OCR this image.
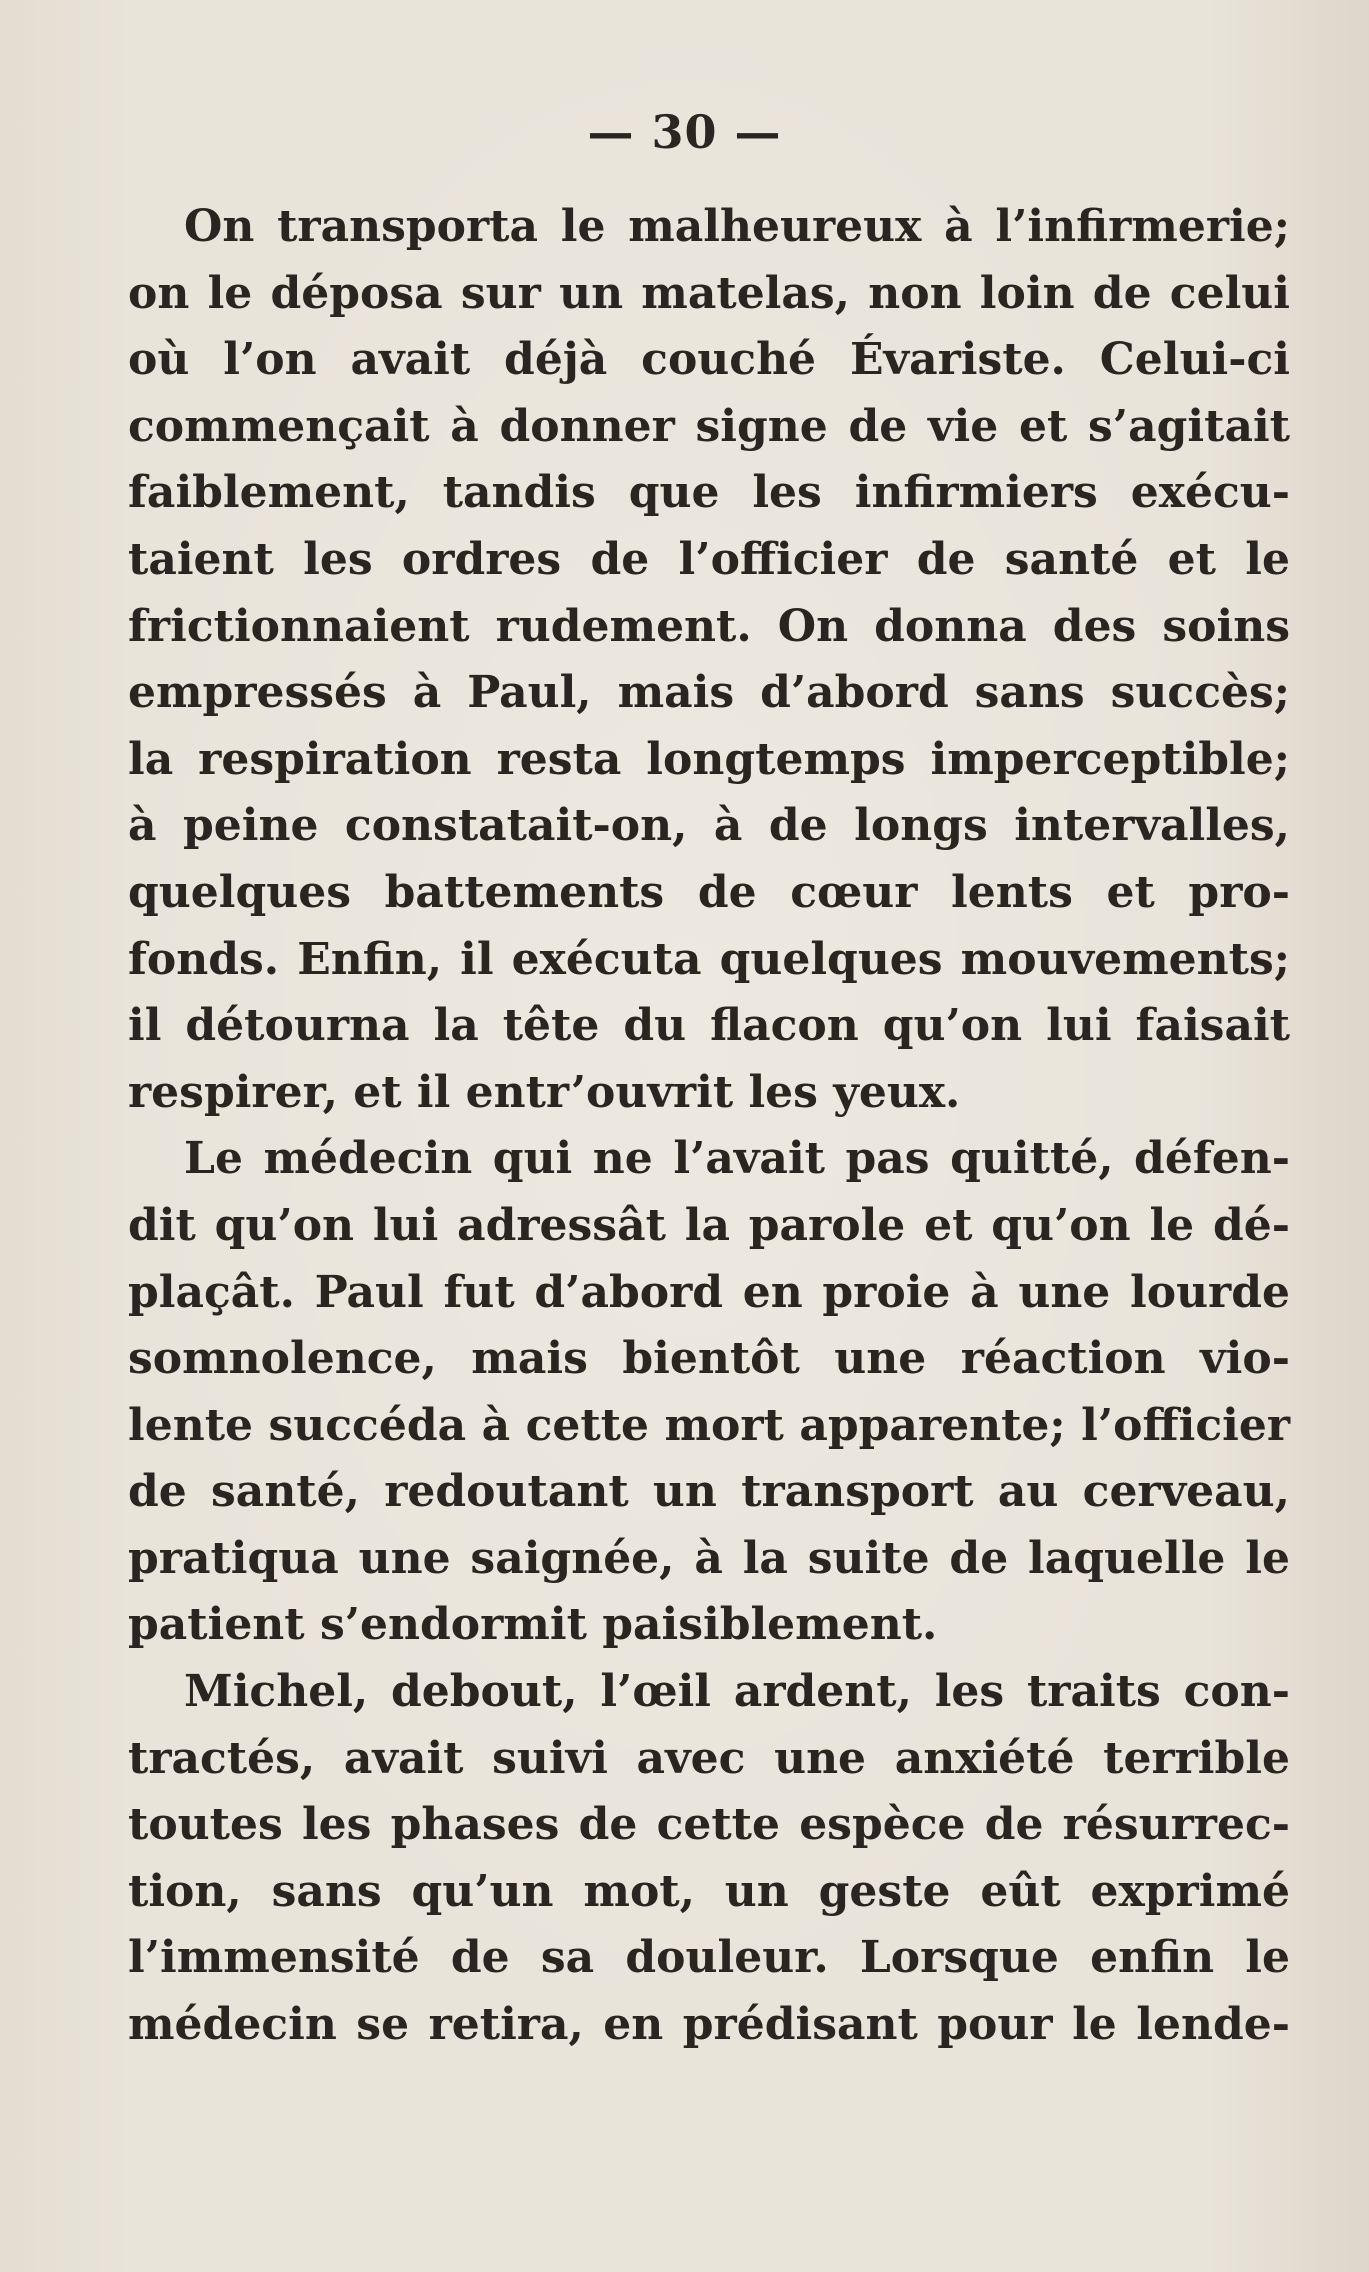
— 30 —
On transporta le malheureux à l’infirmerie;
on le déposa sur un matelas, non loin de celui
où l’on avait déjà couché Évariste. Celui-ci
commençait à donner signe de vie et s’agitait
faiblement, tandis que les infirmiers exécu-
taient les ordres de l’officier de santé et le
frictionnaient rudement. On donna des soins
empressés à Paul, mais d’abord sans succès;
la respiration resta longtemps imperceptible;
à peine constatait-on, à de longs intervalles,
quelques battements de cœur lents et pro-
fonds. Enfin, il exécuta quelques mouvements;
il détourna la tête du flacon qu’on lui faisait
respirer, et il entr’ouvrit les yeux.
Le médecin qui ne l’avait pas quitté, défen-
dit qu’on lui adressât la parole et qu’on le dé-
plaçât. Paul fut d’abord en proie à une lourde
somnolence, mais bientôt une réaction vio-
lente succéda à cette mort apparente; l’officier
de santé, redoutant un transport au cerveau,
pratiqua une saignée, à la suite de laquelle le
patient s’endormit paisiblement.
Michel, debout, l’œil ardent, les traits con-
tractés, avait suivi avec une anxiété terrible
toutes les phases de cette espèce de résurrec-
tion, sans qu’un mot, un geste eût exprimé
l’immensité de sa douleur. Lorsque enfin le
médecin se retira, en prédisant pour le lende-
